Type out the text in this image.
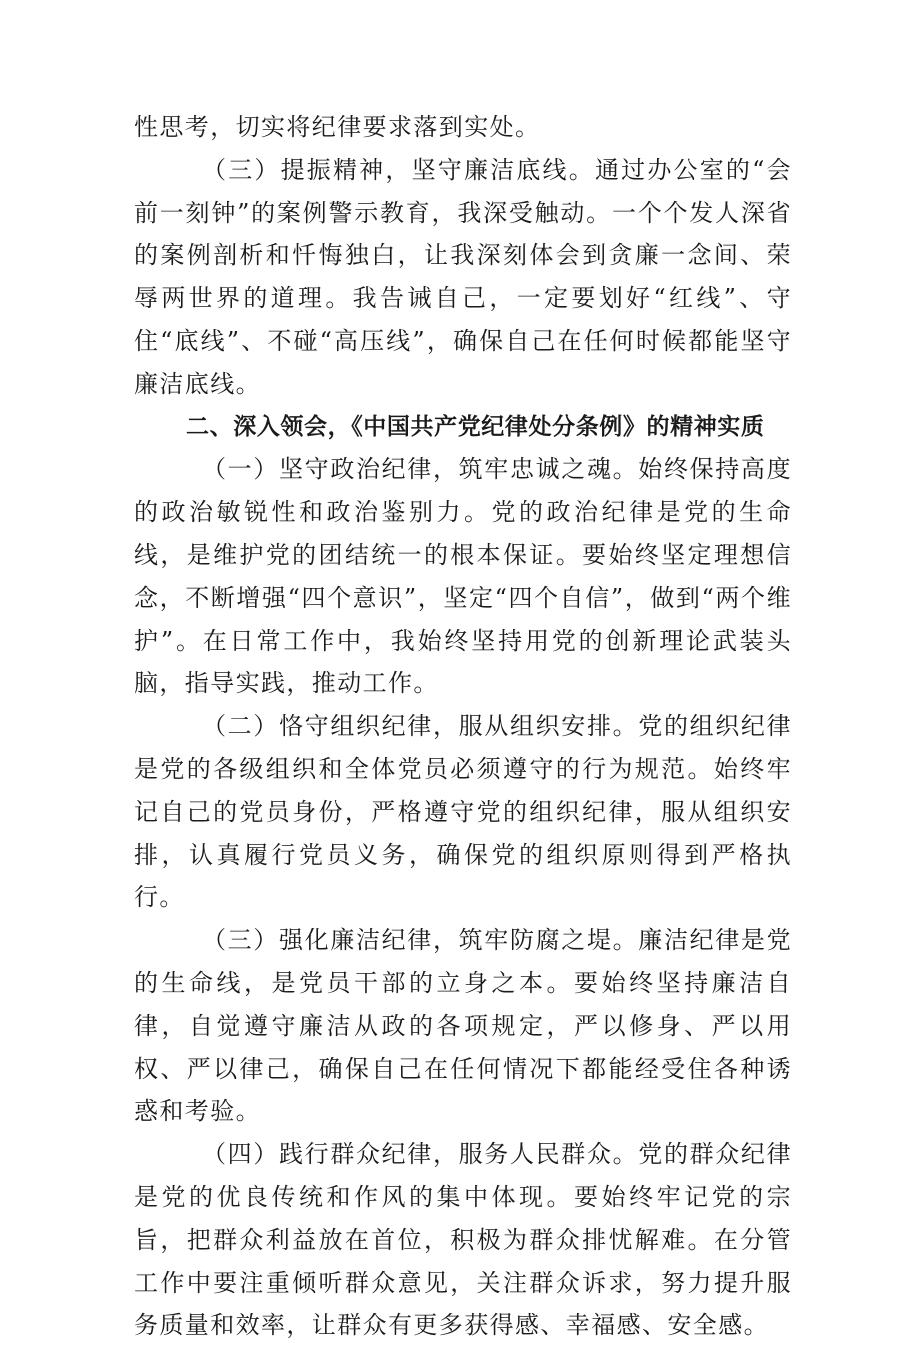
性思考，切实将纪律要求落到实处。

（三）提振精神，坚守廉洁底线。通过办公室的“会前一刻钟”的案例警示教育，我深受触动。一个个发人深省的案例剖析和忏悔独白，让我深刻体会到贪廉一念间、荣辱两世界的道理。我告诫自己，一定要划好“红线”、守住“底线”、不碰“高压线”，确保自己在任何时候都能坚守廉洁底线。

二、深入领会，《中国共产党纪律处分条例》的精神实质

（一）坚守政治纪律，筑牢忠诚之魂。始终保持高度的政治敏锐性和政治鉴别力。党的政治纪律是党的生命线，是维护党的团结统一的根本保证。要始终坚定理想信念，不断增强“四个意识”，坚定“四个自信”，做到“两个维护”。在日常工作中，我始终坚持用党的创新理论武装头脑，指导实践，推动工作。

（二）恪守组织纪律，服从组织安排。党的组织纪律是党的各级组织和全体党员必须遵守的行为规范。始终牢记自己的党员身份，严格遵守党的组织纪律，服从组织安排，认真履行党员义务，确保党的组织原则得到严格执行。

（三）强化廉洁纪律，筑牢防腐之堤。廉洁纪律是党的生命线，是党员干部的立身之本。要始终坚持廉洁自律，自觉遵守廉洁从政的各项规定，严以修身、严以用权、严以律己，确保自己在任何情况下都能经受住各种诱惑和考验。

（四）践行群众纪律，服务人民群众。党的群众纪律是党的优良传统和作风的集中体现。要始终牢记党的宗旨，把群众利益放在首位，积极为群众排忧解难。在分管工作中要注重倾听群众意见，关注群众诉求，努力提升服务质量和效率，让群众有更多获得感、幸福感、安全感。
